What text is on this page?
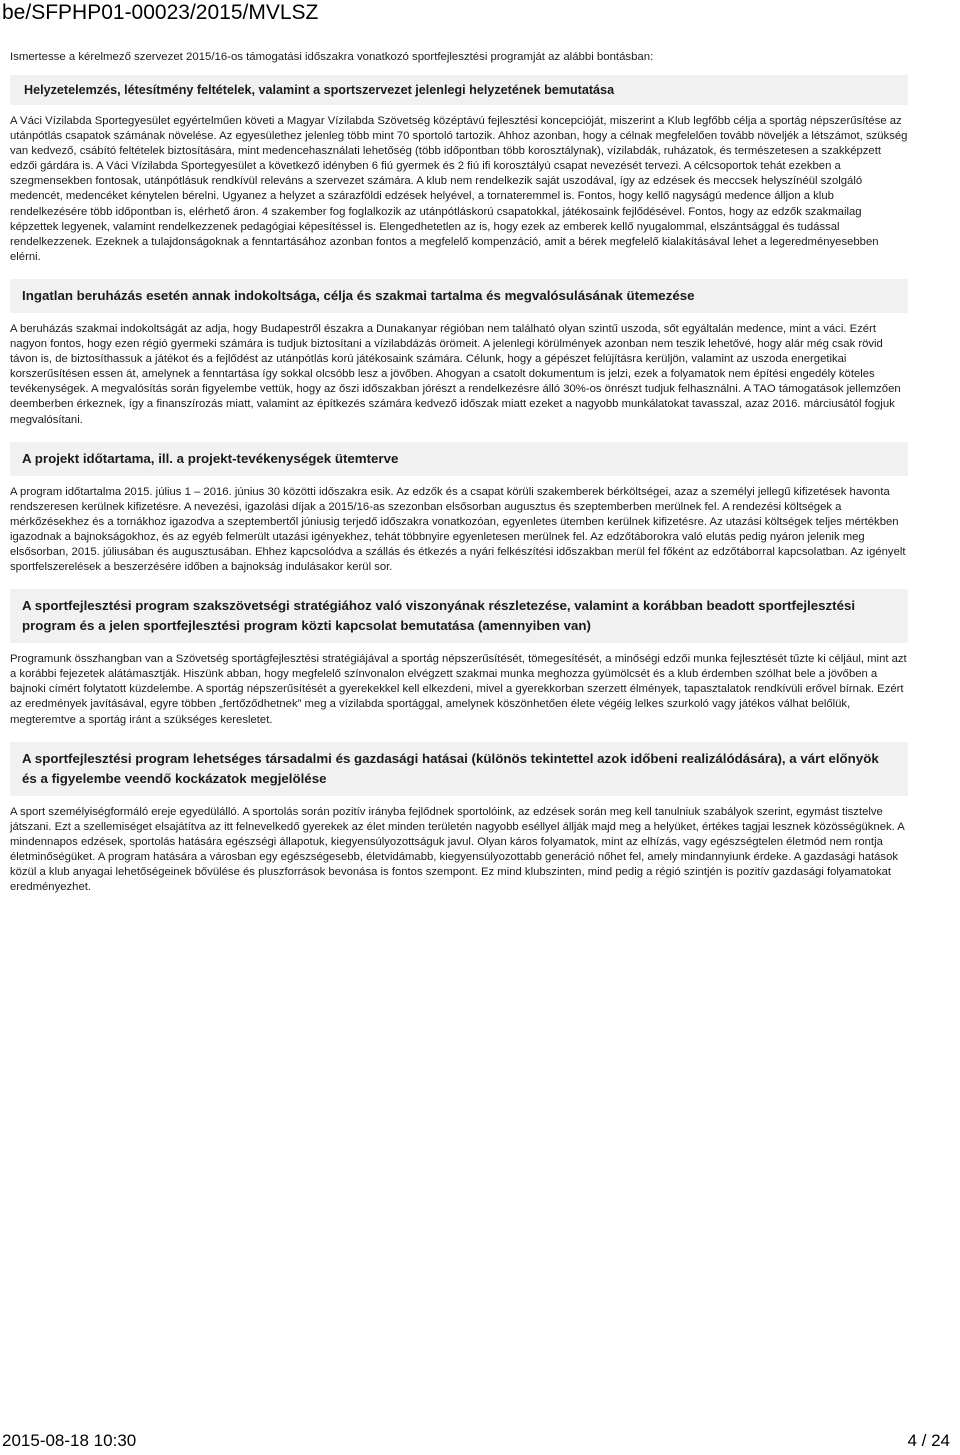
be/SFPHP01-00023/2015/MVLSZ

Ismertesse a kérelmező szervezet 2015/16-os támogatási időszakra vonatkozó sportfejlesztési programját az alábbi bontásban:

Helyzetelemzés, létesítmény feltételek, valamint a sportszervezet jelenlegi helyzetének bemutatása

A Váci Vízilabda Sportegyesület egyértelműen követi a Magyar Vízilabda Szövetség középtávú fejlesztési koncepcióját, miszerint a Klub legfőbb célja a sportág népszerűsítése az utánpótlás csapatok számának növelése. Az egyesülethez jelenleg több mint 70 sportoló tartozik. Ahhoz azonban, hogy a célnak megfelelően tovább növeljék a létszámot, szükség van kedvező, csábító feltételek biztosítására, mint medencehasználati lehetőség (több időpontban több korosztálynak), vízilabdák, ruházatok, és természetesen a szakképzett edzői gárdára is. A Váci Vízilabda Sportegyesület a következő idényben 6 fiú gyermek és 2 fiú ifi korosztályú csapat nevezését tervezi. A célcsoportok tehát ezekben a szegmensekben fontosak, utánpótlásuk rendkívül releváns a szervezet számára. A klub nem rendelkezik saját uszodával, így az edzések és meccsek helyszínéül szolgáló medencét, medencéket kénytelen bérelni. Ugyanez a helyzet a szárazföldi edzések helyével, a tornateremmel is. Fontos, hogy kellő nagyságú medence álljon a klub rendelkezésére több időpontban is, elérhető áron. 4 szakember fog foglalkozik az utánpótláskorú csapatokkal, játékosaink fejlődésével. Fontos, hogy az edzők szakmailag képzettek legyenek, valamint rendelkezzenek pedagógiai képesítéssel is. Elengedhetetlen az is, hogy ezek az emberek kellő nyugalommal, elszántsággal és tudással rendelkezzenek. Ezeknek a tulajdonságoknak a fenntartásához azonban fontos a megfelelő kompenzáció, amit a bérek megfelelő kialakításával lehet a legeredményesebben elérni.

Ingatlan beruházás esetén annak indokoltsága, célja és szakmai tartalma és megvalósulásának ütemezése

A beruházás szakmai indokoltságát az adja, hogy Budapestről északra a Dunakanyar régióban nem található olyan szintű uszoda, sőt egyáltalán medence, mint a váci. Ezért nagyon fontos, hogy ezen régió gyermeki számára is tudjuk biztosítani a vízilabdázás örömeit. A jelenlegi körülmények azonban nem teszik lehetővé, hogy alár még csak rövid távon is, de biztosíthassuk a játékot és a fejlődést az utánpótlás korú játékosaink számára. Célunk, hogy a gépészet felújításra kerüljön, valamint az uszoda energetikai korszerűsítésen essen át, amelynek a fenntartása így sokkal olcsóbb lesz a jövőben. Ahogyan a csatolt dokumentum is jelzi, ezek a folyamatok nem építési engedély köteles tevékenységek. A megvalósítás során figyelembe vettük, hogy az őszi időszakban jórészt a rendelkezésre álló 30%-os önrészt tudjuk felhasználni. A TAO támogatások jellemzően deemberben érkeznek, így a finanszírozás miatt, valamint az építkezés számára kedvező időszak miatt ezeket a nagyobb munkálatokat tavasszal, azaz 2016. márciusától fogjuk megvalósítani.

A projekt időtartama, ill. a projekt-tevékenységek ütemterve

A program időtartalma 2015. július 1 – 2016. június 30 közötti időszakra esik. Az edzők és a csapat körüli szakemberek bérköltségei, azaz a személyi jellegű kifizetések havonta rendszeresen kerülnek kifizetésre. A nevezési, igazolási díjak a 2015/16-as szezonban elsősorban augusztus és szeptemberben merülnek fel. A rendezési költségek a mérkőzésekhez és a tornákhoz igazodva a szeptembertől júniusig terjedő időszakra vonatkozóan, egyenletes ütemben kerülnek kifizetésre. Az utazási költségek teljes mértékben igazodnak a bajnokságokhoz, és az egyéb felmerült utazási igényekhez, tehát többnyire egyenletesen merülnek fel. Az edzőtáborokra való elutás pedig nyáron jelenik meg elsősorban, 2015. júliusában és augusztusában. Ehhez kapcsolódva a szállás és étkezés a nyári felkészítési időszakban merül fel főként az edzőtáborral kapcsolatban. Az igényelt sportfelszerelések a beszerzésére időben a bajnokság indulásakor kerül sor.

A sportfejlesztési program szakszövetségi stratégiához való viszonyának részletezése, valamint a korábban beadott sportfejlesztési program és a jelen sportfejlesztési program közti kapcsolat bemutatása (amennyiben van)

Programunk összhangban van a Szövetség sportágfejlesztési stratégiájával a sportág népszerűsítését, tömegesítését, a minőségi edzői munka fejlesztését tűzte ki céljául, mint azt a korábbi fejezetek alátámasztják. Hiszünk abban, hogy megfelelő színvonalon elvégzett szakmai munka meghozza gyümölcsét és a klub érdemben szólhat bele a jövőben a bajnoki címért folytatott küzdelembe. A sportág népszerűsítését a gyerekekkel kell elkezdeni, mivel a gyerekkorban szerzett élmények, tapasztalatok rendkívüli erővel bírnak. Ezért az eredmények javításával, egyre többen „fertőződhetnek” meg a vízilabda sportággal, amelynek köszönhetően élete végéig lelkes szurkoló vagy játékos válhat belőlük, megteremtve a sportág iránt a szükséges keresletet.

A sportfejlesztési program lehetséges társadalmi és gazdasági hatásai (különös tekintettel azok időbeni realizálódására), a várt előnyök és a figyelembe veendő kockázatok megjelölése

A sport személyiségformáló ereje egyedülálló. A sportolás során pozitív irányba fejlődnek sportolóink, az edzések során meg kell tanulniuk szabályok szerint, egymást tisztelve játszani. Ezt a szellemiséget elsajátítva az itt felnevelkedő gyerekek az élet minden területén nagyobb eséllyel állják majd meg a helyüket, értékes tagjai lesznek közösségüknek. A mindennapos edzések, sportolás hatására egészségi állapotuk, kiegyensúlyozottságuk javul. Olyan káros folyamatok, mint az elhízás, vagy egészségtelen életmód nem rontja életminőségüket. A program hatására a városban egy egészségesebb, életvidámabb, kiegyensúlyozottabb generáció nőhet fel, amely mindannyiunk érdeke. A gazdasági hatások közül a klub anyagai lehetőségeinek bővülése és pluszforrások bevonása is fontos szempont. Ez mind klubszinten, mind pedig a régió szintjén is pozitív gazdasági folyamatokat eredményezhet.

2015-08-18 10:30	4 / 24
